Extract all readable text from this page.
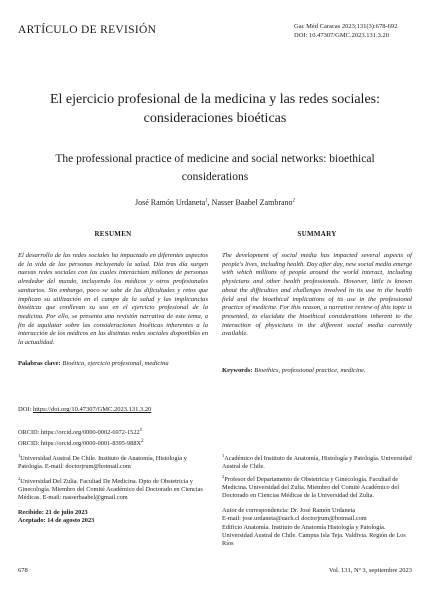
ARTÍCULO DE REVISIÓN	Gac Méd Caracas 2023;131(3):678-692
DOI: 10.47307/GMC.2023.131.3.20
El ejercicio profesional de la medicina y las redes sociales: consideraciones bioéticas
The professional practice of medicine and social networks: bioethical considerations
José Ramón Urdaneta$^1$, Nasser Baabel Zambrano$^2$
RESUMEN	SUMMARY
El desarrollo de las redes sociales ha impactado en diferentes aspectos de la vida de las personas incluyendo la salud. Día tras día surgen nuevas redes sociales con las cuales interactúan millones de personas alrededor del mundo, incluyendo los médicos y otros profesionales sanitarios. Sin embargo, poco se sabe de las dificultades y retos que implican su utilización en el campo de la salud y las implicancias bioéticas que conllevan su uso en el ejercicio profesional de la medicina. Por ello, se presenta una revisión narrativa de este tema, a fin de aquilatar sobre las consideraciones bioéticas inherentes a la interacción de los médicos en las distintas redes sociales disponibles en la actualidad.
The development of social media has impacted several aspects of people's lives, including health. Day after day, new social media emerge with which millions of people around the world interact, including physicians and other health professionals. However, little is known about the difficulties and challenges involved in its use in the health field and the bioethical implications of its use in the professional practice of medicine. For this reason, a narrative review of this topic is presented, to elucidate the bioethical considerations inherent to the interaction of physicians in the different social media currently available.
Palabras clave: Bioética, ejercicio profesional, medicina
Keywords: Bioethics, professional practice, medicine.
DOI: https://doi.org/10.47307/GMC.2023.131.3.20
ORCID: https://orcid.org/0000-0002-6972-1522$^1$
ORCID: $https://orcid.org/0000-0001-8395-988X^2$
$^1$Universidad Austral De Chile. Instituto de Anatomía, Histología y Patología. E-mail: doctorjrum@hotmail.com
$^2$Universidad Del Zulia. Facultad De Medicina. Dpto de Obstetricia y Ginecología. Miembro del Comité Académico del Doctorado en Ciencias Médicas. E-mail: nasserbaabel@gmail.com
Recibido: 21 de julio 2023
Aceptado: 14 de agosto 2023
$^1$Académico del Instituto de Anatomía, Histología y Patología. Universidad Austral de Chile.
$^2$Profesor del Departamento de Obstetricia y Ginecología. Facultad de Medicina. Universidad del Zulia. Miembro del Comité Académico del Doctorado en Ciencias Médicas de la Universidad del Zulia.
Autor de correspondencia: Dr. José Ramón Urdaneta
E-mail: jose.urdaneta@uach.cl doctorjrum@hotmail.com
Edificio Anatomía. Instituto de Anatomía Histología y Patología. Universidad Austral de Chile. Campus Isla Teja. Valdivia. Región de Los Ríos
678	Vol. 131, Nº 3, septiembre 2023
